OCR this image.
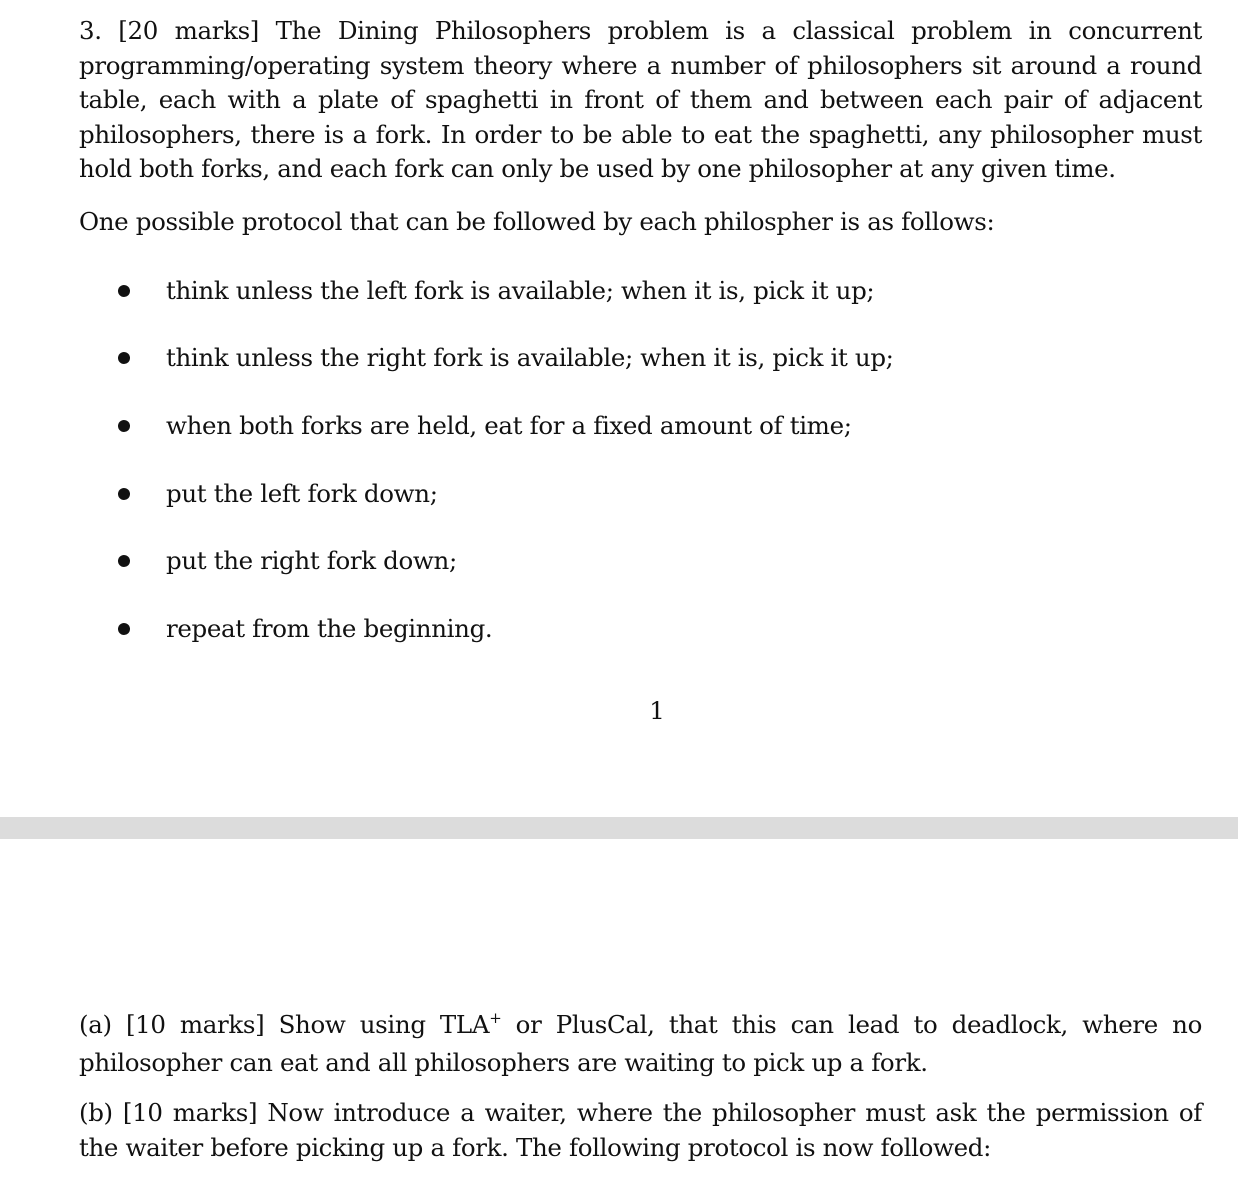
3. [20 marks] The Dining Philosophers problem is a classical problem in concurrent programming/operating system theory where a number of philosophers sit around a round table, each with a plate of spaghetti in front of them and between each pair of adjacent philosophers, there is a fork. In order to be able to eat the spaghetti, any philosopher must hold both forks, and each fork can only be used by one philosopher at any given time.

One possible protocol that can be followed by each philospher is as follows:

think unless the left fork is available; when it is, pick it up;
think unless the right fork is available; when it is, pick it up;
when both forks are held, eat for a fixed amount of time;
put the left fork down;
put the right fork down;
repeat from the beginning.
1

(a) [10 marks] Show using TLA+ or PlusCal, that this can lead to deadlock, where no philosopher can eat and all philosophers are waiting to pick up a fork.

(b) [10 marks] Now introduce a waiter, where the philosopher must ask the permission of the waiter before picking up a fork. The following protocol is now followed:
